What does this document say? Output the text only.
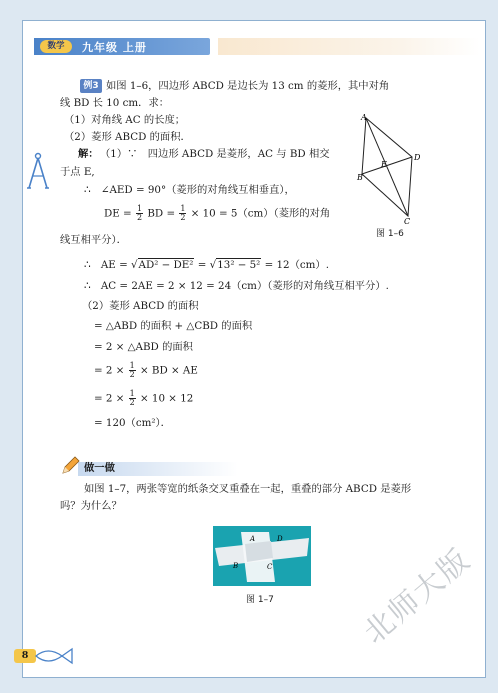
数学	九年级 上册
例3 如图 1–6，四边形 ABCD 是边长为 13 cm 的菱形，其中对角
线 BD 长 10 cm．求：
（1）对角线 AC 的长度；
（2）菱形 ABCD 的面积．
解： （1）∵　四边形 ABCD 是菱形，AC 与 BD 相交
于点 E,
∴　∠AED = 90°（菱形的对角线互相垂直），
DE = $\frac{1}{2}$ BD = $\frac{1}{2} \times 10 = 5(cm)$（菱形的对角
线互相平分）．
∴　AE = √AD² − DE² = √13² − 5² = 12（cm）.
∴　AC = 2AE = 2 × 12 = 24（cm）（菱形的对角线互相平分）.
（2）菱形 ABCD 的面积
= △ABD 的面积 + △CBD 的面积
= 2 × △ABD 的面积
= $2 \times \frac{1}{2}$ × BD × AE
= $2 \times \frac{1}{2} \times 10 \times 12$
= 120（cm²）．
A
B
C
D
E
图 1–6
做一做
如图 1–7，两张等宽的纸条交叉重叠在一起，重叠的部分 ABCD 是菱形
吗？为什么？
A
B	C
D
图 1–7
8
北师大版
